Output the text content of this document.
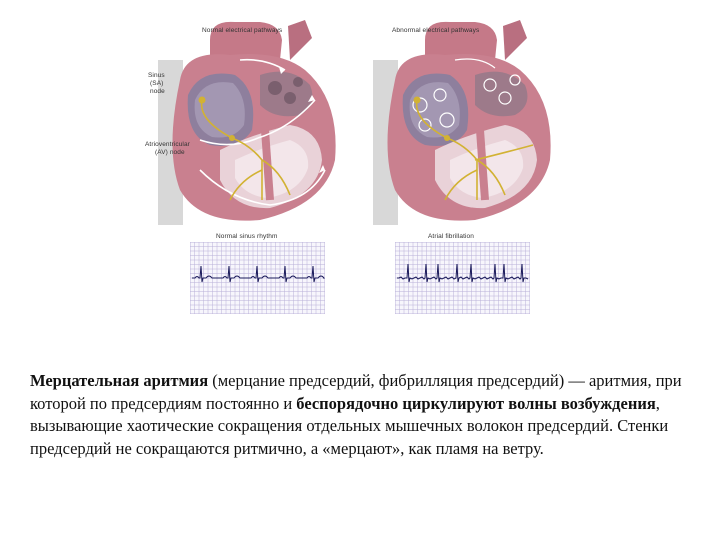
Normal electrical pathways	Abnormal electrical pathways
Sinus
(SA)
node
Atrioventricular
(AV) node
Normal sinus rhythm	Atrial fibrillation
Мерцательная аритмия (мерцание предсердий, фибрилляция предсердий) — аритмия, при которой по предсердиям постоянно и беспорядочно циркулируют волны возбуждения, вызывающие хаотические сокращения отдельных мышечных волокон предсердий. Стенки предсердий не сокращаются ритмично, а «мерцают», как пламя на ветру.
